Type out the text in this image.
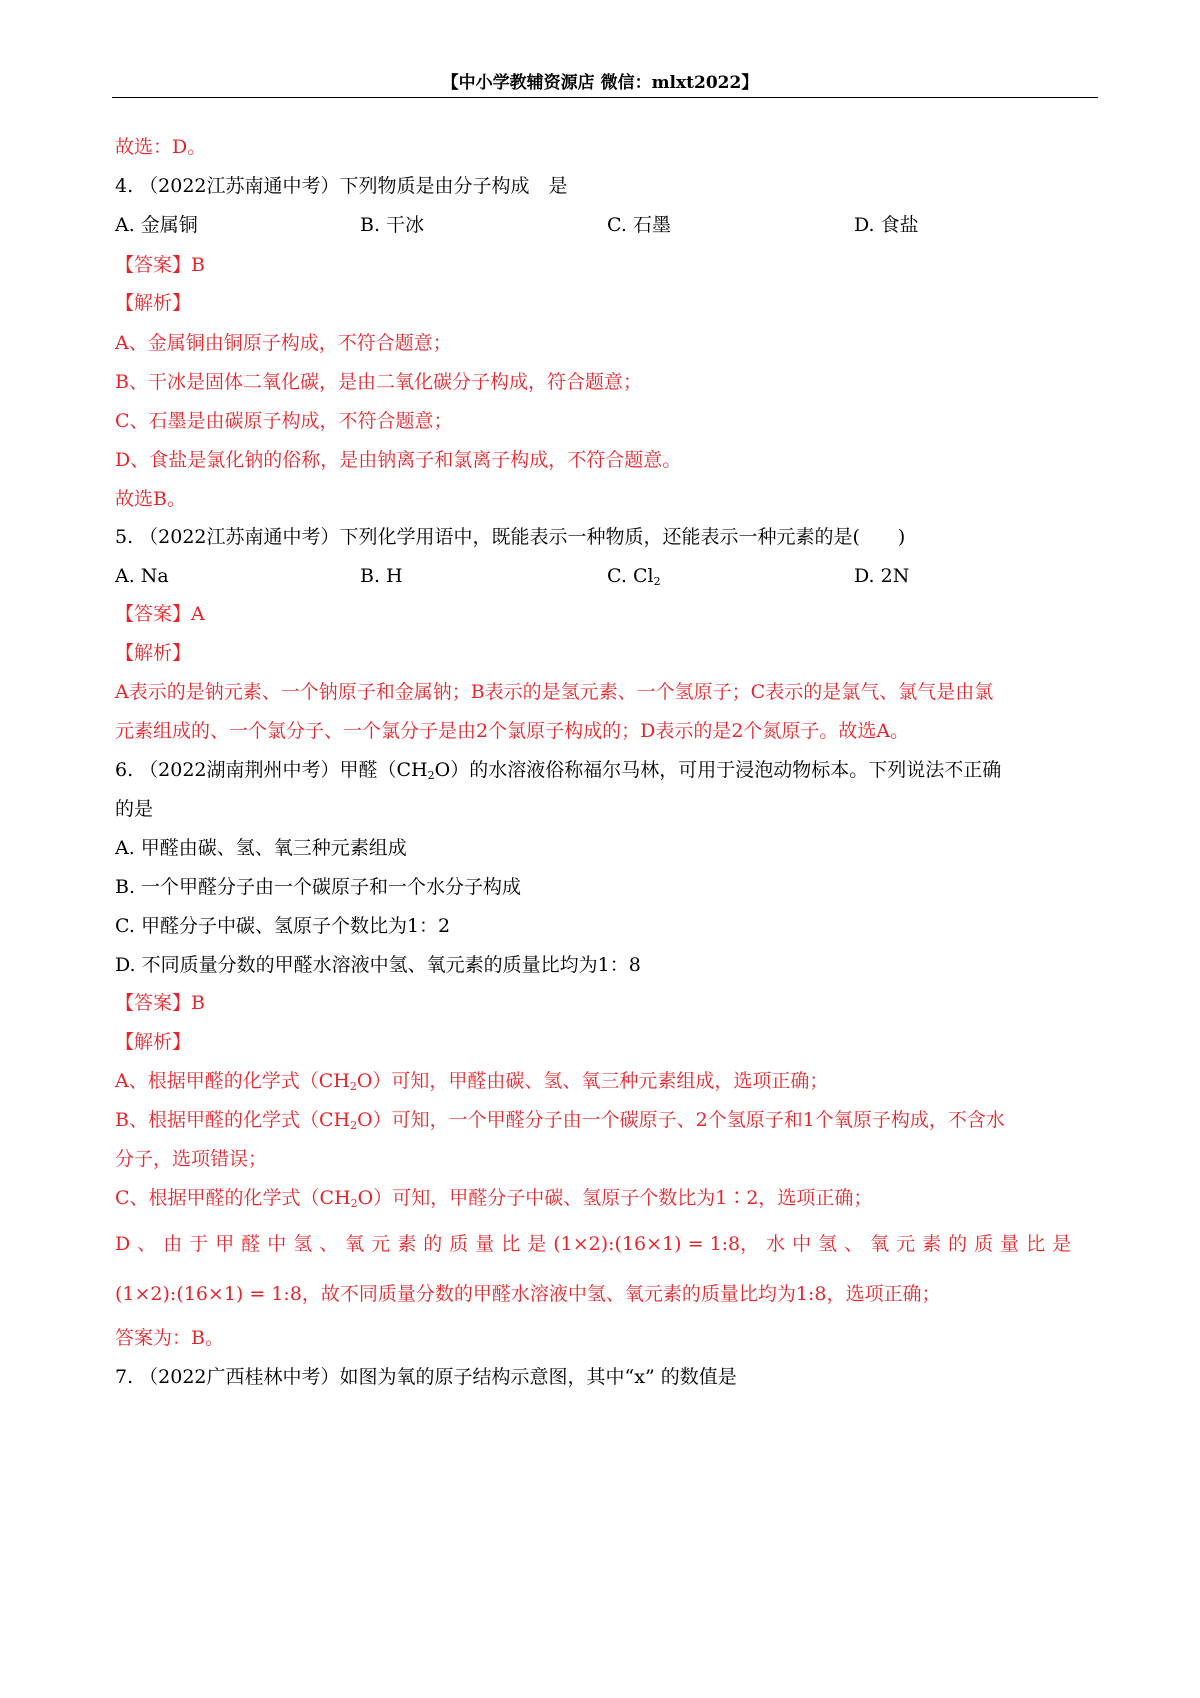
【中小学教辅资源店 微信：mlxt2022】
故选：D。
4. （2022江苏南通中考）下列物质是由分子构成　是
A. 金属铜	B. 干冰	C. 石墨	D. 食盐
【答案】B
【解析】
A、金属铜由铜原子构成，不符合题意；
B、干冰是固体二氧化碳，是由二氧化碳分子构成，符合题意；
C、石墨是由碳原子构成，不符合题意；
D、食盐是氯化钠的俗称，是由钠离子和氯离子构成，不符合题意。
故选B。
5. （2022江苏南通中考）下列化学用语中，既能表示一种物质，还能表示一种元素的是(　　)
A. Na	B. H	C. $Cl_2$	D. 2N
【答案】A
【解析】
A表示的是钠元素、一个钠原子和金属钠；B表示的是氢元素、一个氢原子；C表示的是氯气、氯气是由氯
元素组成的、一个氯分子、一个氯分子是由2个氯原子构成的；D表示的是2个氮原子。故选A。
6. （2022湖南荆州中考）甲醛$(CH_2O)$的水溶液俗称福尔马林，可用于浸泡动物标本。下列说法不正确
的是
A. 甲醛由碳、氢、氧三种元素组成
B. 一个甲醛分子由一个碳原子和一个水分子构成
C. 甲醛分子中碳、氢原子个数比为1：2
D. 不同质量分数的甲醛水溶液中氢、氧元素的质量比均为1：8
【答案】B
【解析】
A、根据甲醛的化学式$(CH_2O)$可知，甲醛由碳、氢、氧三种元素组成，选项正确；
B、根据甲醛的化学式$(CH_2O)$可知，一个甲醛分子由一个碳原子、2个氢原子和1个氧原子构成，不含水
分子，选项错误；
C、根据甲醛的化学式$(CH_2O)$可知，甲醛分子中碳、氢原子个数比为1∶2，选项正确；
D、由于甲醛中氢、氧元素的质量比是(1×2):(16×1) = 1:8，水中氢、氧元素的质量比是
(1×2):(16×1) = 1:8，故不同质量分数的甲醛水溶液中氢、氧元素的质量比均为1:8，选项正确；
答案为：B。
7. （2022广西桂林中考）如图为氧的原子结构示意图，其中“x” 的数值是
